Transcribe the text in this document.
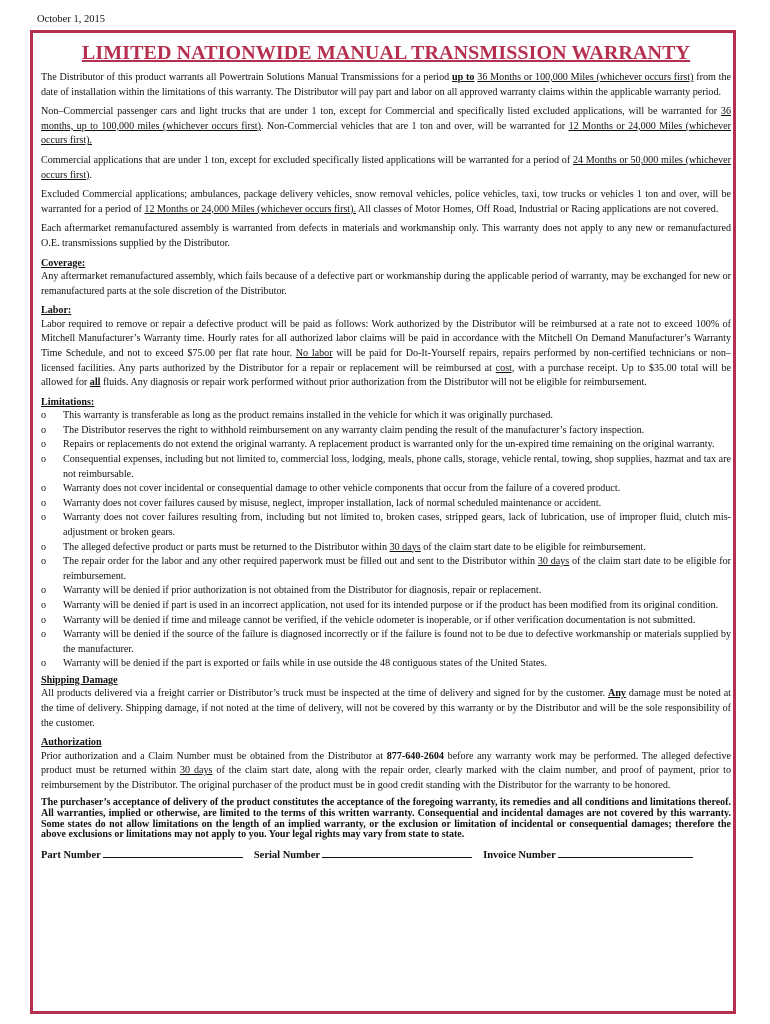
October 1, 2015
LIMITED NATIONWIDE MANUAL TRANSMISSION WARRANTY

The Distributor of this product warrants all Powertrain Solutions Manual Transmissions for a period up to 36 Months or 100,000 Miles (whichever occurs first) from the date of installation within the limitations of this warranty. The Distributor will pay part and labor on all approved warranty claims within the applicable warranty period.

Non–Commercial passenger cars and light trucks that are under 1 ton, except for Commercial and specifically listed excluded applications, will be warranted for 36 months, up to 100,000 miles (whichever occurs first). Non-Commercial vehicles that are 1 ton and over, will be warranted for 12 Months or 24,000 Miles (whichever occurs first).

Commercial applications that are under 1 ton, except for excluded specifically listed applications will be warranted for a period of 24 Months or 50,000 miles (whichever occurs first).

Excluded Commercial applications; ambulances, package delivery vehicles, snow removal vehicles, police vehicles, taxi, tow trucks or vehicles 1 ton and over, will be warranted for a period of 12 Months or 24,000 Miles (whichever occurs first). All classes of Motor Homes, Off Road, Industrial or Racing applications are not covered.

Each aftermarket remanufactured assembly is warranted from defects in materials and workmanship only. This warranty does not apply to any new or remanufactured O.E. transmissions supplied by the Distributor.

Coverage:

Any aftermarket remanufactured assembly, which fails because of a defective part or workmanship during the applicable period of warranty, may be exchanged for new or remanufactured parts at the sole discretion of the Distributor.

Labor:

Labor required to remove or repair a defective product will be paid as follows: Work authorized by the Distributor will be reimbursed at a rate not to exceed 100% of Mitchell Manufacturer’s Warranty time. Hourly rates for all authorized labor claims will be paid in accordance with the Mitchell On Demand Manufacturer’s Warranty Time Schedule, and not to exceed $75.00 per flat rate hour. No labor will be paid for Do-It-Yourself repairs, repairs performed by non-certified technicians or non–licensed facilities. Any parts authorized by the Distributor for a repair or replacement will be reimbursed at cost, with a purchase receipt. Up to $35.00 total will be allowed for all fluids. Any diagnosis or repair work performed without prior authorization from the Distributor will not be eligible for reimbursement.

Limitations:
o This warranty is transferable as long as the product remains installed in the vehicle for which it was originally purchased.
o The Distributor reserves the right to withhold reimbursement on any warranty claim pending the result of the manufacturer’s factory inspection.
o Repairs or replacements do not extend the original warranty. A replacement product is warranted only for the un-expired time remaining on the original warranty.
o Consequential expenses, including but not limited to, commercial loss, lodging, meals, phone calls, storage, vehicle rental, towing, shop supplies, hazmat and tax are not reimbursable.
o Warranty does not cover incidental or consequential damage to other vehicle components that occur from the failure of a covered product.
o Warranty does not cover failures caused by misuse, neglect, improper installation, lack of normal scheduled maintenance or accident.
o Warranty does not cover failures resulting from, including but not limited to, broken cases, stripped gears, lack of lubrication, use of improper fluid, clutch mis-adjustment or broken gears.
o The alleged defective product or parts must be returned to the Distributor within 30 days of the claim start date to be eligible for reimbursement.
o The repair order for the labor and any other required paperwork must be filled out and sent to the Distributor within 30 days of the claim start date to be eligible for reimbursement.
o Warranty will be denied if prior authorization is not obtained from the Distributor for diagnosis, repair or replacement.
o Warranty will be denied if part is used in an incorrect application, not used for its intended purpose or if the product has been modified from its original condition.
o Warranty will be denied if time and mileage cannot be verified, if the vehicle odometer is inoperable, or if other verification documentation is not submitted.
o Warranty will be denied if the source of the failure is diagnosed incorrectly or if the failure is found not to be due to defective workmanship or materials supplied by the manufacturer.
o Warranty will be denied if the part is exported or fails while in use outside the 48 contiguous states of the United States.
Shipping Damage

All products delivered via a freight carrier or Distributor’s truck must be inspected at the time of delivery and signed for by the customer. Any damage must be noted at the time of delivery. Shipping damage, if not noted at the time of delivery, will not be covered by this warranty or by the Distributor and will be the sole responsibility of the customer.

Authorization

Prior authorization and a Claim Number must be obtained from the Distributor at 877-640-2604 before any warranty work may be performed. The alleged defective product must be returned within 30 days of the claim start date, along with the repair order, clearly marked with the claim number, and proof of payment, prior to reimbursement by the Distributor. The original purchaser of the product must be in good credit standing with the Distributor for the warranty to be honored.

The purchaser’s acceptance of delivery of the product constitutes the acceptance of the foregoing warranty, its remedies and all conditions and limitations thereof. All warranties, implied or otherwise, are limited to the terms of this written warranty. Consequential and incidental damages are not covered by this warranty. Some states do not allow limitations on the length of an implied warranty, or the exclusion or limitation of incidental or consequential damages; therefore the above exclusions or limitations may not apply to you. Your legal rights may vary from state to state.
Part Number	Serial Number	Invoice Number
